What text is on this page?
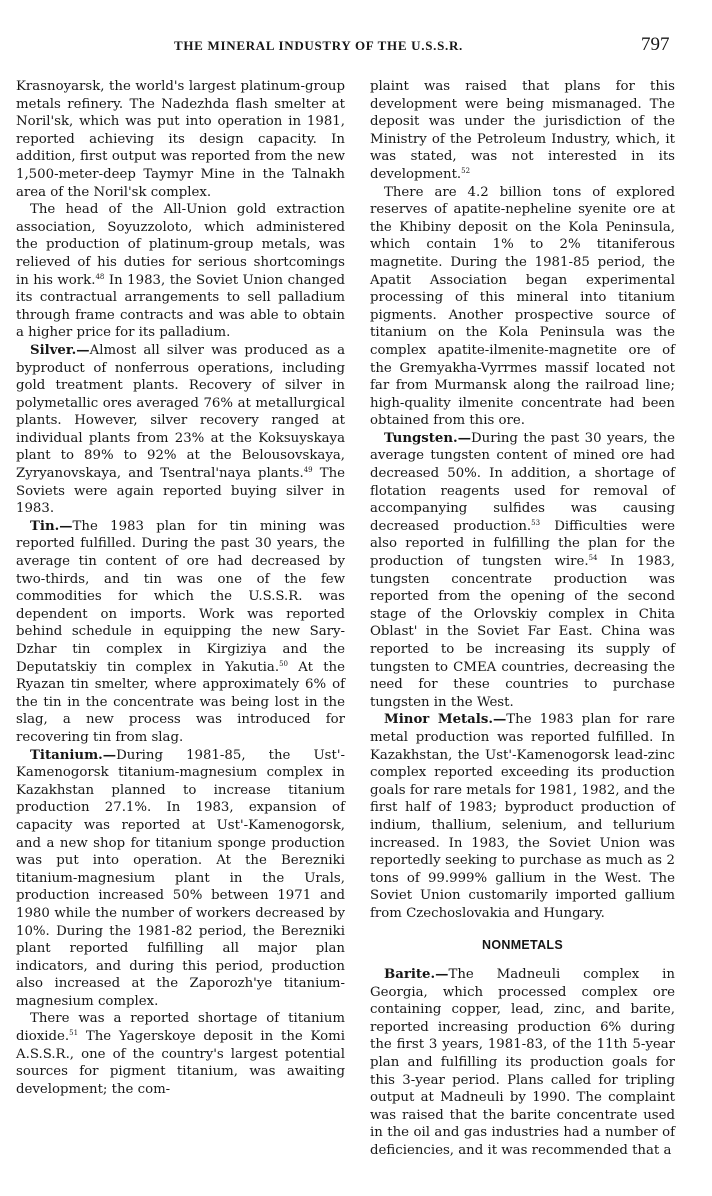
THE MINERAL INDUSTRY OF THE U.S.S.R.	797

Krasnoyarsk, the world's largest platinum-group metals refinery. The Nadezhda flash smelter at Noril'sk, which was put into operation in 1981, reported achieving its design capacity. In addition, first output was reported from the new 1,500-meter-deep Taymyr Mine in the Talnakh area of the Noril'sk complex.

The head of the All-Union gold extraction association, Soyuzzoloto, which administered the production of platinum-group metals, was relieved of his duties for serious shortcomings in his work.$^{48}$ In 1983, the Soviet Union changed its contractual arrangements to sell palladium through frame contracts and was able to obtain a higher price for its palladium.

Silver.—Almost all silver was produced as a byproduct of nonferrous operations, including gold treatment plants. Recovery of silver in polymetallic ores averaged 76% at metallurgical plants. However, silver recovery ranged at individual plants from 23% at the Koksuyskaya plant to 89% to 92% at the Belousovskaya, Zyryanovskaya, and Tsentral'naya plants.$^{49}$ The Soviets were again reported buying silver in 1983.

Tin.—The 1983 plan for tin mining was reported fulfilled. During the past 30 years, the average tin content of ore had decreased by two-thirds, and tin was one of the few commodities for which the U.S.S.R. was dependent on imports. Work was reported behind schedule in equipping the new Sary-Dzhar tin complex in Kirgiziya and the Deputatskiy tin complex in Yakutia.$^{50}$ At the Ryazan tin smelter, where approximately 6% of the tin in the concentrate was being lost in the slag, a new process was introduced for recovering tin from slag.

Titanium.—During 1981-85, the Ust'-Kamenogorsk titanium-magnesium complex in Kazakhstan planned to increase titanium production 27.1%. In 1983, expansion of capacity was reported at Ust'-Kamenogorsk, and a new shop for titanium sponge production was put into operation. At the Berezniki titanium-magnesium plant in the Urals, production increased 50% between 1971 and 1980 while the number of workers decreased by 10%. During the 1981-82 period, the Berezniki plant reported fulfilling all major plan indicators, and during this period, production also increased at the Zaporozh'ye titanium-magnesium complex.

There was a reported shortage of titanium dioxide.$^{51}$ The Yagerskoye deposit in the Komi A.S.S.R., one of the country's largest potential sources for pigment titanium, was awaiting development; the com-

plaint was raised that plans for this development were being mismanaged. The deposit was under the jurisdiction of the Ministry of the Petroleum Industry, which, it was stated, was not interested in its development.$^{52}$

There are 4.2 billion tons of explored reserves of apatite-nepheline syenite ore at the Khibiny deposit on the Kola Peninsula, which contain 1% to 2% titaniferous magnetite. During the 1981-85 period, the Apatit Association began experimental processing of this mineral into titanium pigments. Another prospective source of titanium on the Kola Peninsula was the complex apatite-ilmenite-magnetite ore of the Gremyakha-Vyrrmes massif located not far from Murmansk along the railroad line; high-quality ilmenite concentrate had been obtained from this ore.

Tungsten.—During the past 30 years, the average tungsten content of mined ore had decreased 50%. In addition, a shortage of flotation reagents used for removal of accompanying sulfides was causing decreased production.$^{53}$ Difficulties were also reported in fulfilling the plan for the production of tungsten wire.$^{54}$ In 1983, tungsten concentrate production was reported from the opening of the second stage of the Orlovskiy complex in Chita Oblast' in the Soviet Far East. China was reported to be increasing its supply of tungsten to CMEA countries, decreasing the need for these countries to purchase tungsten in the West.

Minor Metals.—The 1983 plan for rare metal production was reported fulfilled. In Kazakhstan, the Ust'-Kamenogorsk lead-zinc complex reported exceeding its production goals for rare metals for 1981, 1982, and the first half of 1983; byproduct production of indium, thallium, selenium, and tellurium increased. In 1983, the Soviet Union was reportedly seeking to purchase as much as 2 tons of 99.999% gallium in the West. The Soviet Union customarily imported gallium from Czechoslovakia and Hungary.

NONMETALS

Barite.—The Madneuli complex in Georgia, which processed complex ore containing copper, lead, zinc, and barite, reported increasing production 6% during the first 3 years, 1981-83, of the 11th 5-year plan and fulfilling its production goals for this 3-year period. Plans called for tripling output at Madneuli by 1990. The complaint was raised that the barite concentrate used in the oil and gas industries had a number of deficiencies, and it was recommended that a
